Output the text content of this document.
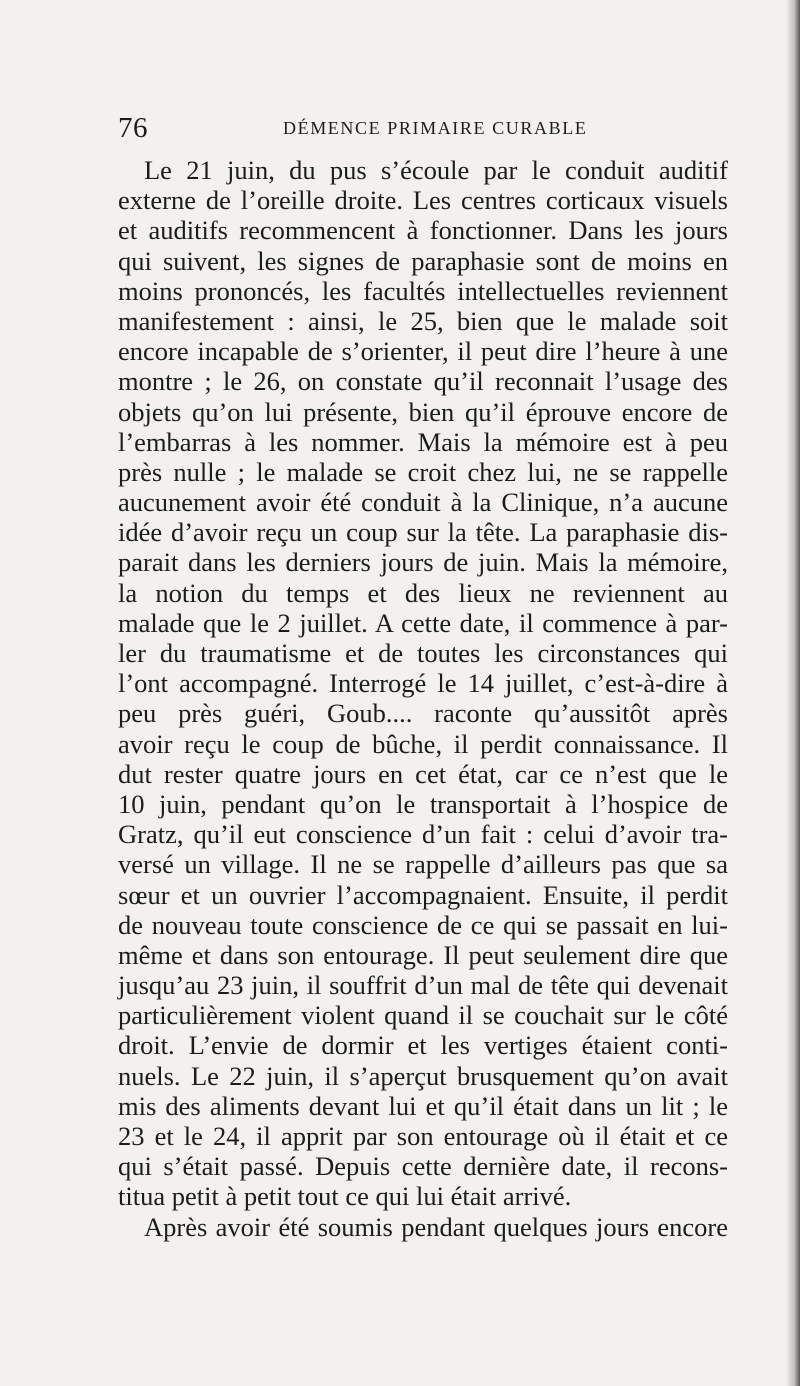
76	DÉMENCE PRIMAIRE CURABLE
Le 21 juin, du pus s’écoule par le conduit auditif
externe de l’oreille droite. Les centres corticaux visuels
et auditifs recommencent à fonctionner. Dans les jours
qui suivent, les signes de paraphasie sont de moins en
moins prononcés, les facultés intellectuelles reviennent
manifestement : ainsi, le 25, bien que le malade soit
encore incapable de s’orienter, il peut dire l’heure à une
montre ; le 26, on constate qu’il reconnait l’usage des
objets qu’on lui présente, bien qu’il éprouve encore de
l’embarras à les nommer. Mais la mémoire est à peu
près nulle ; le malade se croit chez lui, ne se rappelle
aucunement avoir été conduit à la Clinique, n’a aucune
idée d’avoir reçu un coup sur la tête. La paraphasie dis-
parait dans les derniers jours de juin. Mais la mémoire,
la notion du temps et des lieux ne reviennent au
malade que le 2 juillet. A cette date, il commence à par-
ler du traumatisme et de toutes les circonstances qui
l’ont accompagné. Interrogé le 14 juillet, c’est-à-dire à
peu près guéri, Goub.... raconte qu’aussitôt après
avoir reçu le coup de bûche, il perdit connaissance. Il
dut rester quatre jours en cet état, car ce n’est que le
10 juin, pendant qu’on le transportait à l’hospice de
Gratz, qu’il eut conscience d’un fait : celui d’avoir tra-
versé un village. Il ne se rappelle d’ailleurs pas que sa
sœur et un ouvrier l’accompagnaient. Ensuite, il perdit
de nouveau toute conscience de ce qui se passait en lui-
même et dans son entourage. Il peut seulement dire que
jusqu’au 23 juin, il souffrit d’un mal de tête qui devenait
particulièrement violent quand il se couchait sur le côté
droit. L’envie de dormir et les vertiges étaient conti-
nuels. Le 22 juin, il s’aperçut brusquement qu’on avait
mis des aliments devant lui et qu’il était dans un lit ; le
23 et le 24, il apprit par son entourage où il était et ce
qui s’était passé. Depuis cette dernière date, il recons-
titua petit à petit tout ce qui lui était arrivé.
Après avoir été soumis pendant quelques jours encore
